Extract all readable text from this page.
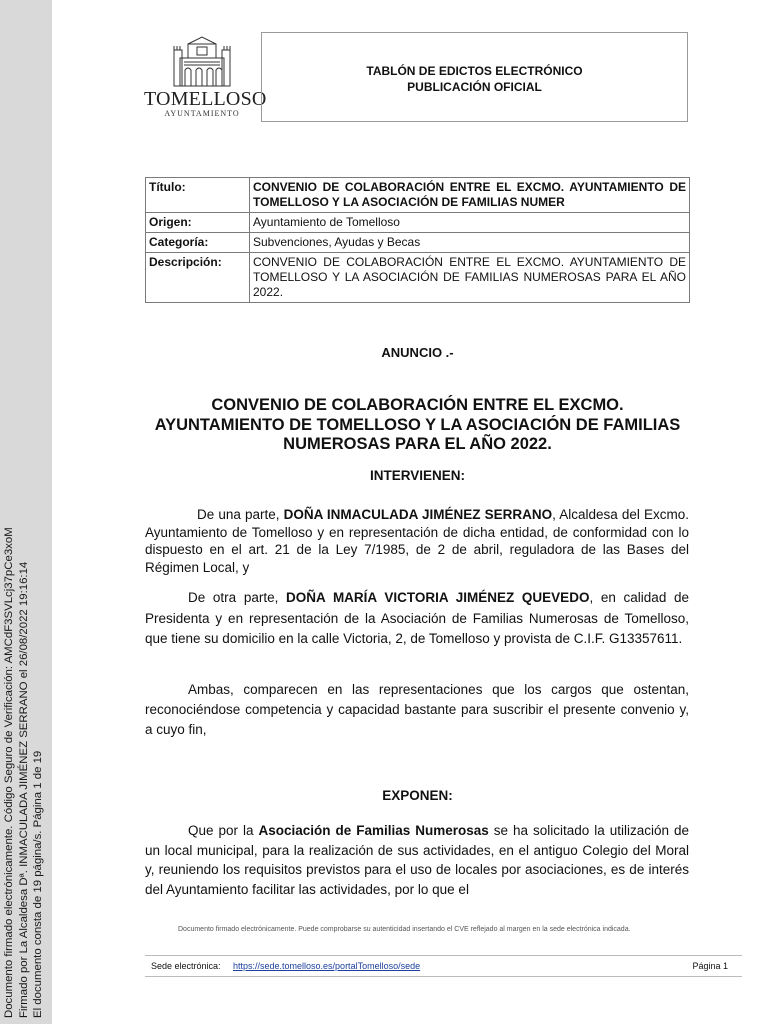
Documento firmado electrónicamente. Código Seguro de Verificación: AMCdF3SVLcj37pCe3xoM Firmado por La Alcaldesa Dª. INMACULADA JIMÉNEZ SERRANO el 26/08/2022 19:16:14 El documento consta de 19 página/s. Página 1 de 19
TOMELLOSO
AYUNTAMIENTO
TABLÓN DE EDICTOS ELECTRÓNICO
PUBLICACIÓN OFICIAL
Título:	CONVENIO DE COLABORACIÓN ENTRE EL EXCMO. AYUNTAMIENTO DE TOMELLOSO Y LA ASOCIACIÓN DE FAMILIAS NUMER
Origen:	Ayuntamiento de Tomelloso
Categoría:	Subvenciones, Ayudas y Becas
Descripción:	CONVENIO DE COLABORACIÓN ENTRE EL EXCMO. AYUNTAMIENTO DE TOMELLOSO Y LA ASOCIACIÓN DE FAMILIAS NUMEROSAS PARA EL AÑO 2022.
ANUNCIO .-
CONVENIO DE COLABORACIÓN ENTRE EL EXCMO.
AYUNTAMIENTO DE TOMELLOSO Y LA ASOCIACIÓN DE FAMILIAS
NUMEROSAS PARA EL AÑO 2022.
INTERVIENEN:
De una parte, DOÑA INMACULADA JIMÉNEZ SERRANO, Alcaldesa del Excmo. Ayuntamiento de Tomelloso y en representación de dicha entidad, de conformidad con lo dispuesto en el art. 21 de la Ley 7/1985, de 2 de abril, reguladora de las Bases del Régimen Local, y
De otra parte, DOÑA MARÍA VICTORIA JIMÉNEZ QUEVEDO, en calidad de Presidenta y en representación de la Asociación de Familias Numerosas de Tomelloso, que tiene su domicilio en la calle Victoria, 2, de Tomelloso y provista de C.I.F. G13357611.
Ambas, comparecen en las representaciones que los cargos que ostentan, reconociéndose competencia y capacidad bastante para suscribir el presente convenio y, a cuyo fin,
EXPONEN:
Que por la Asociación de Familias Numerosas se ha solicitado la utilización de un local municipal, para la realización de sus actividades, en el antiguo Colegio del Moral y, reuniendo los requisitos previstos para el uso de locales por asociaciones, es de interés del Ayuntamiento facilitar las actividades, por lo que el
Documento firmado electrónicamente. Puede comprobarse su autenticidad insertando el CVE reflejado al margen en la sede electrónica indicada.
Sede electrónica: https://sede.tomelloso.es/portalTomelloso/sede	Página 1
